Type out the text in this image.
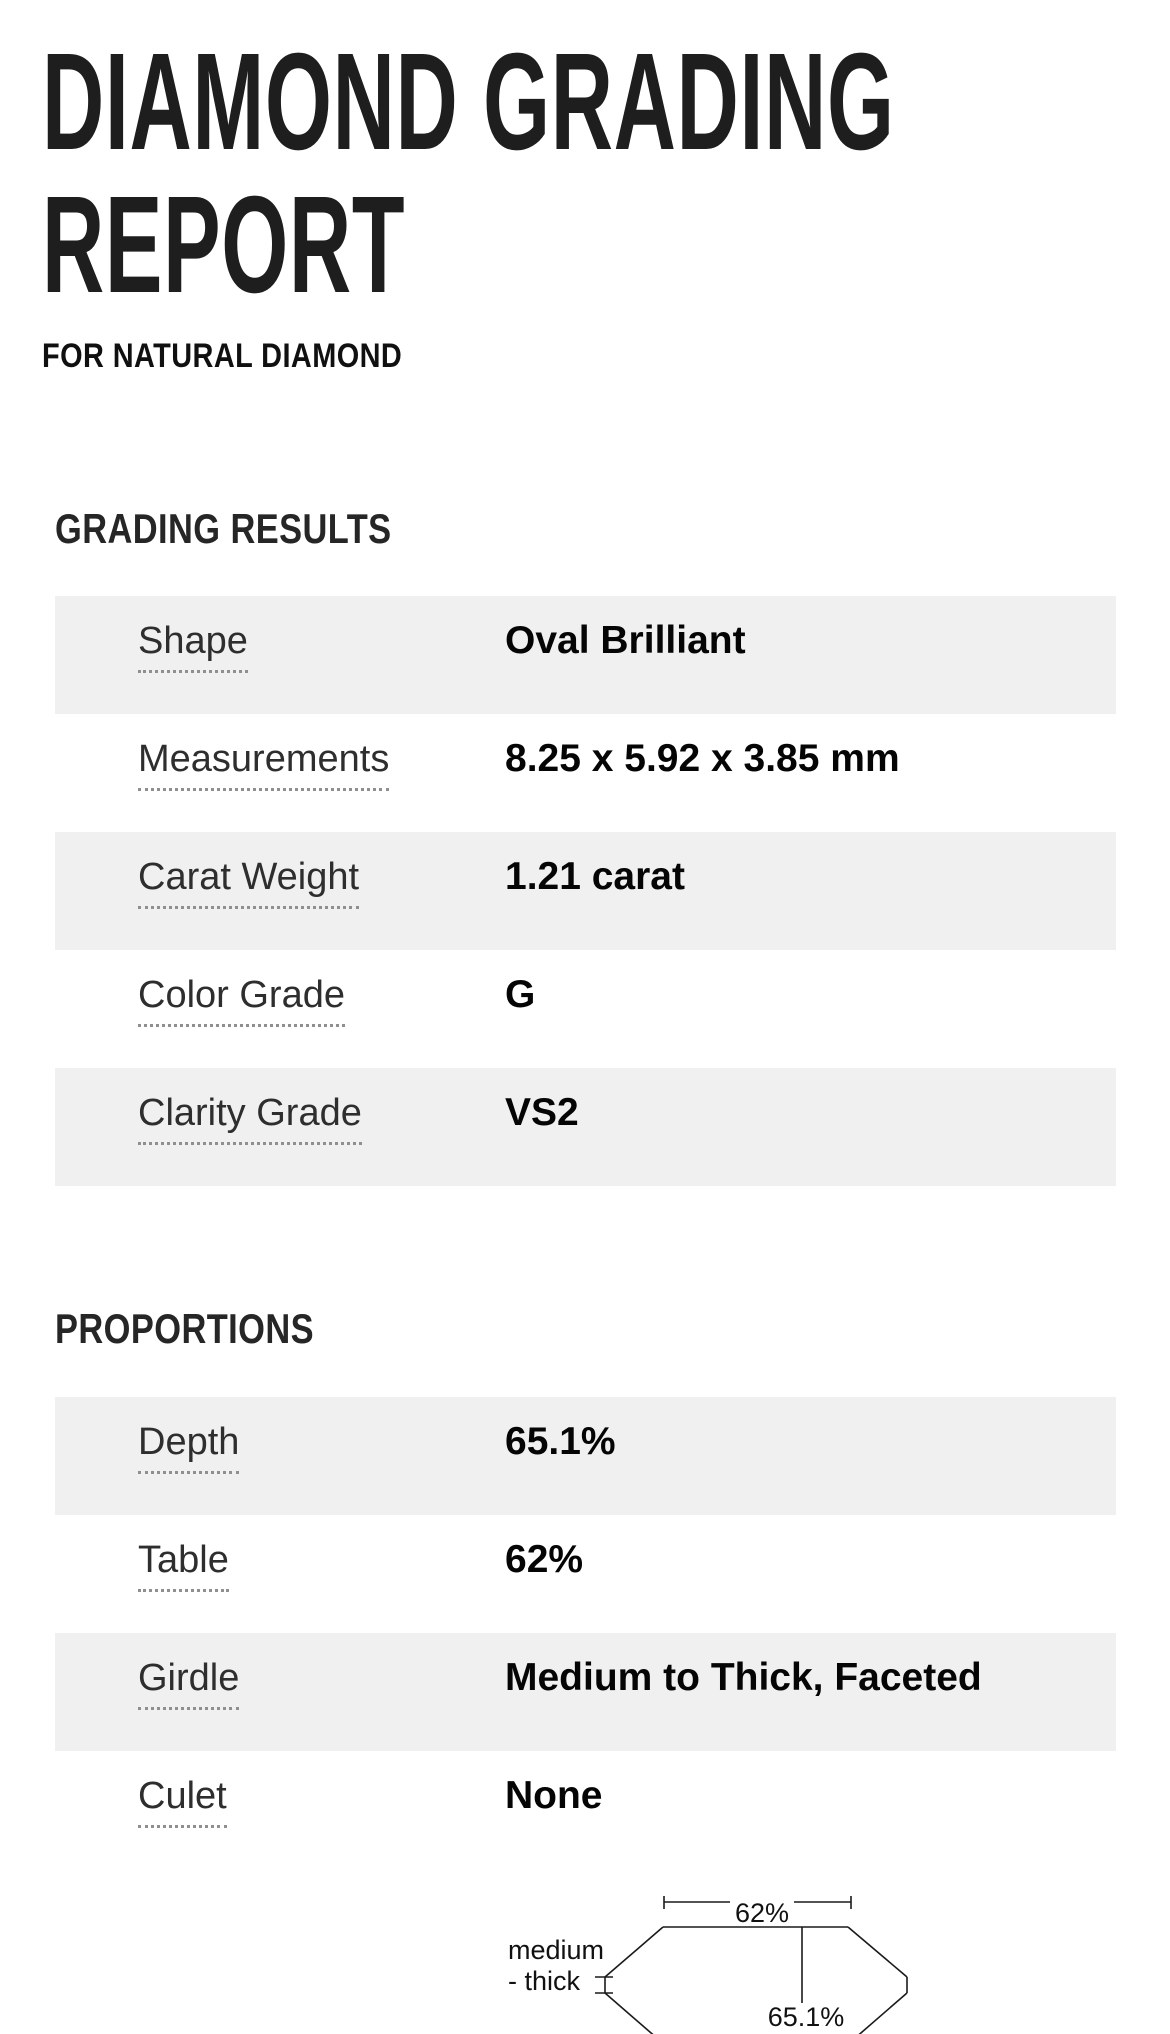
DIAMOND GRADING REPORT
FOR NATURAL DIAMOND
GRADING RESULTS
Shape	Oval Brilliant
Measurements	8.25 x 5.92 x 3.85 mm
Carat Weight	1.21 carat
Color Grade	G
Clarity Grade	VS2
PROPORTIONS
Depth	65.1%
Table	62%
Girdle	Medium to Thick, Faceted
Culet	None
62%
65.1%
medium - thick
